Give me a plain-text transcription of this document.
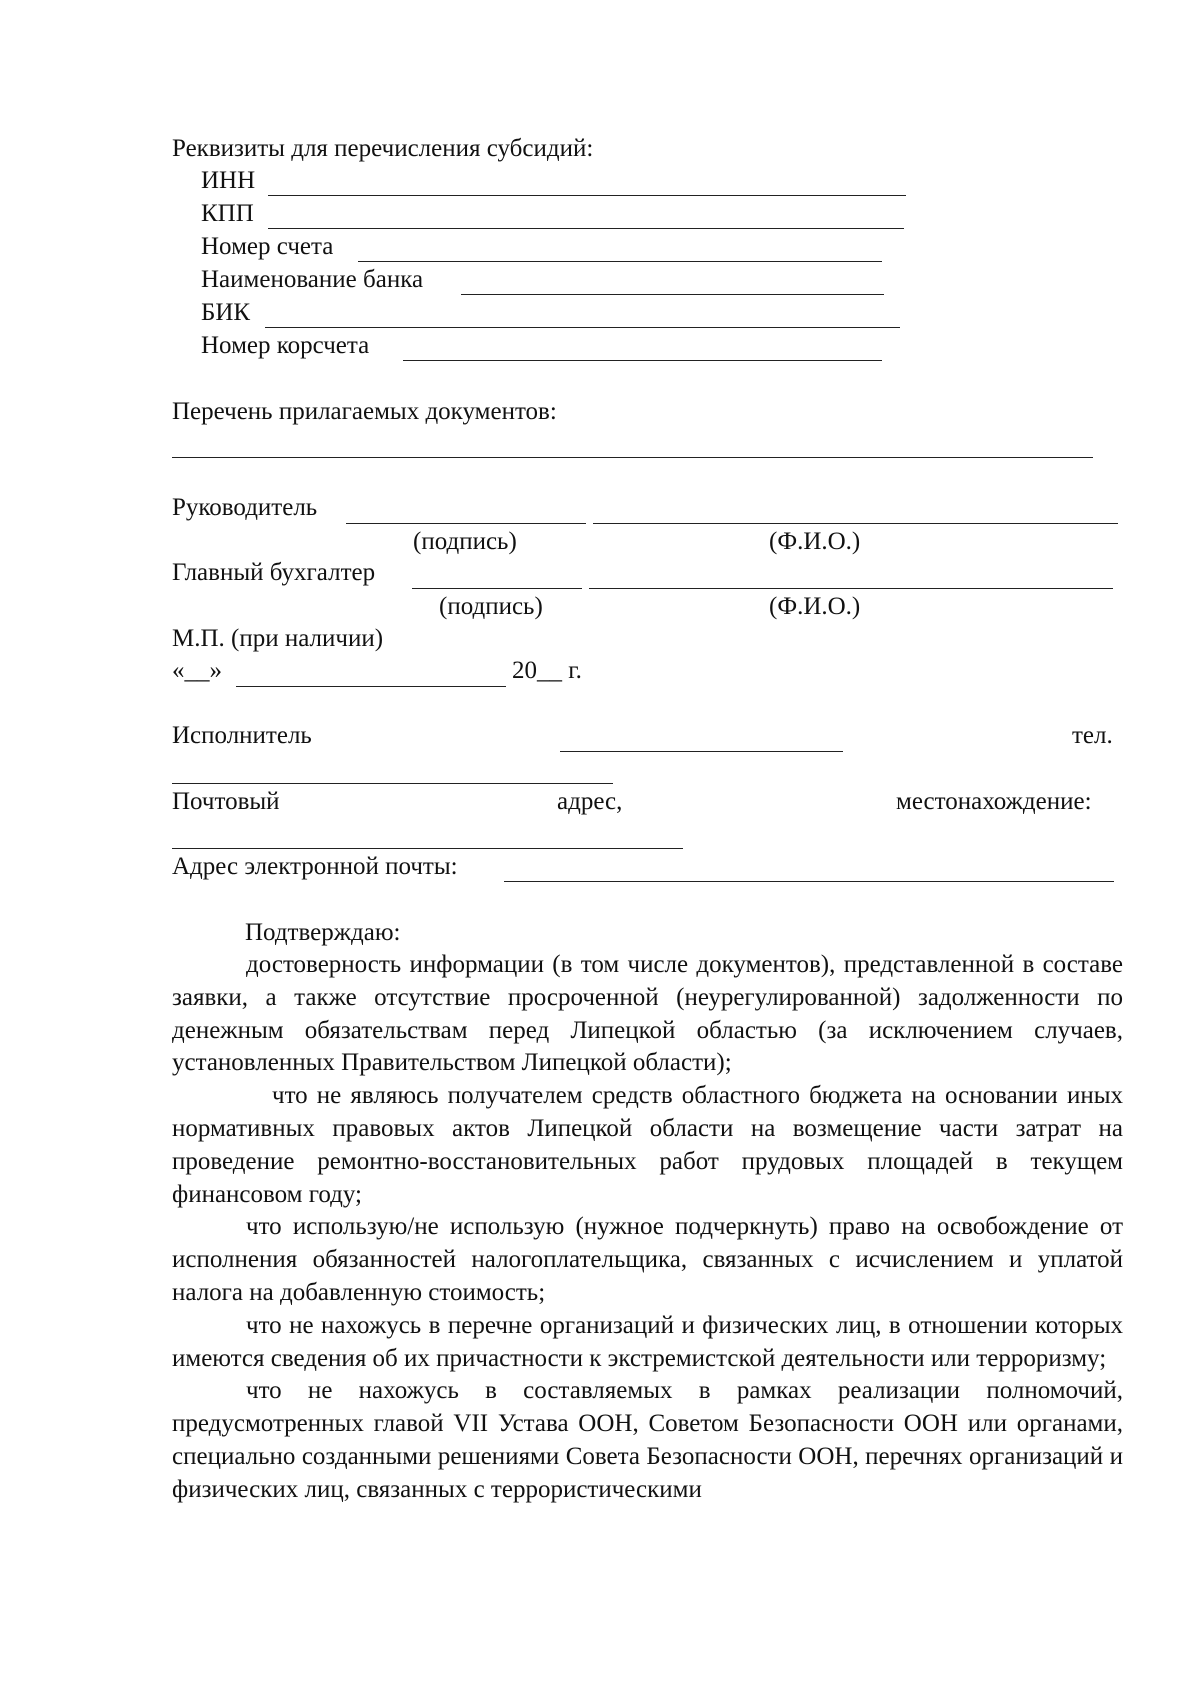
Реквизиты для перечисления субсидий:
ИНН
КПП
Номер счета
Наименование банка
БИК
Номер корсчета
Перечень прилагаемых документов:
Руководитель
(подпись)	(Ф.И.О.)
Главный бухгалтер
(подпись)	(Ф.И.О.)
М.П. (при наличии)
«__»	20__ г.
Исполнитель	тел.
Почтовый	адрес,	местонахождение:
Адрес электронной почты:
Подтверждаю:

достоверность информации (в том числе документов), представленной в составе заявки, а также отсутствие просроченной (неурегулированной) задолженности по денежным обязательствам перед Липецкой областью (за исключением случаев, установленных Правительством Липецкой области);

что не являюсь получателем средств областного бюджета на основании иных нормативных правовых актов Липецкой области на возмещение части затрат на проведение ремонтно-восстановительных работ прудовых площадей в текущем финансовом году;

что использую/не использую (нужное подчеркнуть) право на освобождение от исполнения обязанностей налогоплательщика, связанных с исчислением и уплатой налога на добавленную стоимость;

что не нахожусь в перечне организаций и физических лиц, в отношении которых имеются сведения об их причастности к экстремистской деятельности или терроризму;

что не нахожусь в составляемых в рамках реализации полномочий, предусмотренных главой VII Устава ООН, Советом Безопасности ООН или органами, специально созданными решениями Совета Безопасности ООН, перечнях организаций и физических лиц, связанных с террористическими
